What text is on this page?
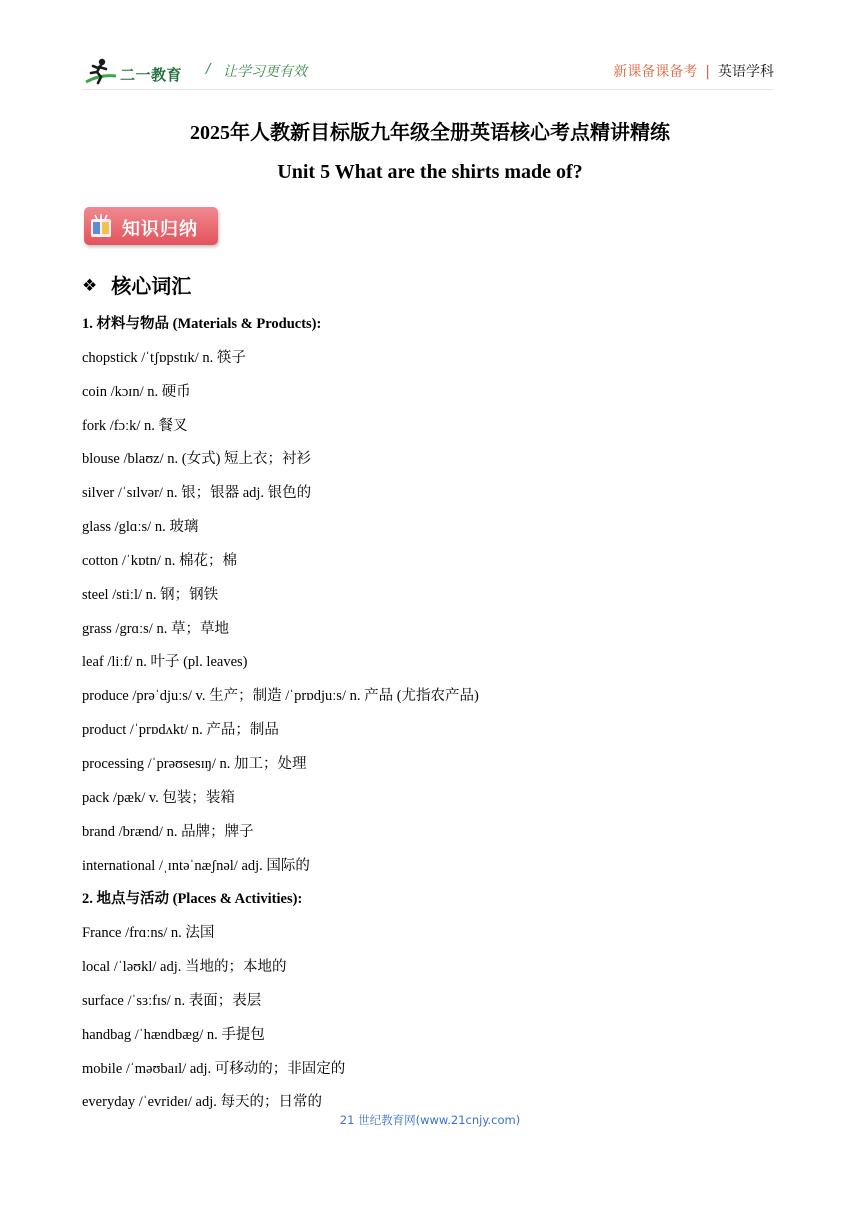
二一教育 / 让学习更有效	新课备课备考 | 英语学科
2025年人教新目标版九年级全册英语核心考点精讲精练
Unit 5 What are the shirts made of?
知识归纳
❖ 核心词汇
1. 材料与物品 (Materials & Products):
chopstick /ˈtʃɒpstɪk/ n. 筷子
coin /kɔɪn/ n. 硬币
fork /fɔːk/ n. 餐叉
blouse /blaʊz/ n. (女式) 短上衣；衬衫
silver /ˈsɪlvər/ n. 银；银器 adj. 银色的
glass /glɑːs/ n. 玻璃
cotton /ˈkɒtn/ n. 棉花；棉
steel /stiːl/ n. 钢；钢铁
grass /grɑːs/ n. 草；草地
leaf /liːf/ n. 叶子 (pl. leaves)
produce /prəˈdjuːs/ v. 生产；制造 /ˈprɒdjuːs/ n. 产品 (尤指农产品)
product /ˈprɒdʌkt/ n. 产品；制品
processing /ˈprəʊsesɪŋ/ n. 加工；处理
pack /pæk/ v. 包装；装箱
brand /brænd/ n. 品牌；牌子
international /ˌɪntəˈnæʃnəl/ adj. 国际的
2. 地点与活动 (Places & Activities):
France /frɑːns/ n. 法国
local /ˈləʊkl/ adj. 当地的；本地的
surface /ˈsɜːfɪs/ n. 表面；表层
handbag /ˈhændbæg/ n. 手提包
mobile /ˈməʊbaɪl/ adj. 可移动的；非固定的
everyday /ˈevrideɪ/ adj. 每天的；日常的
21 世纪教育网(www.21cnjy.com)
